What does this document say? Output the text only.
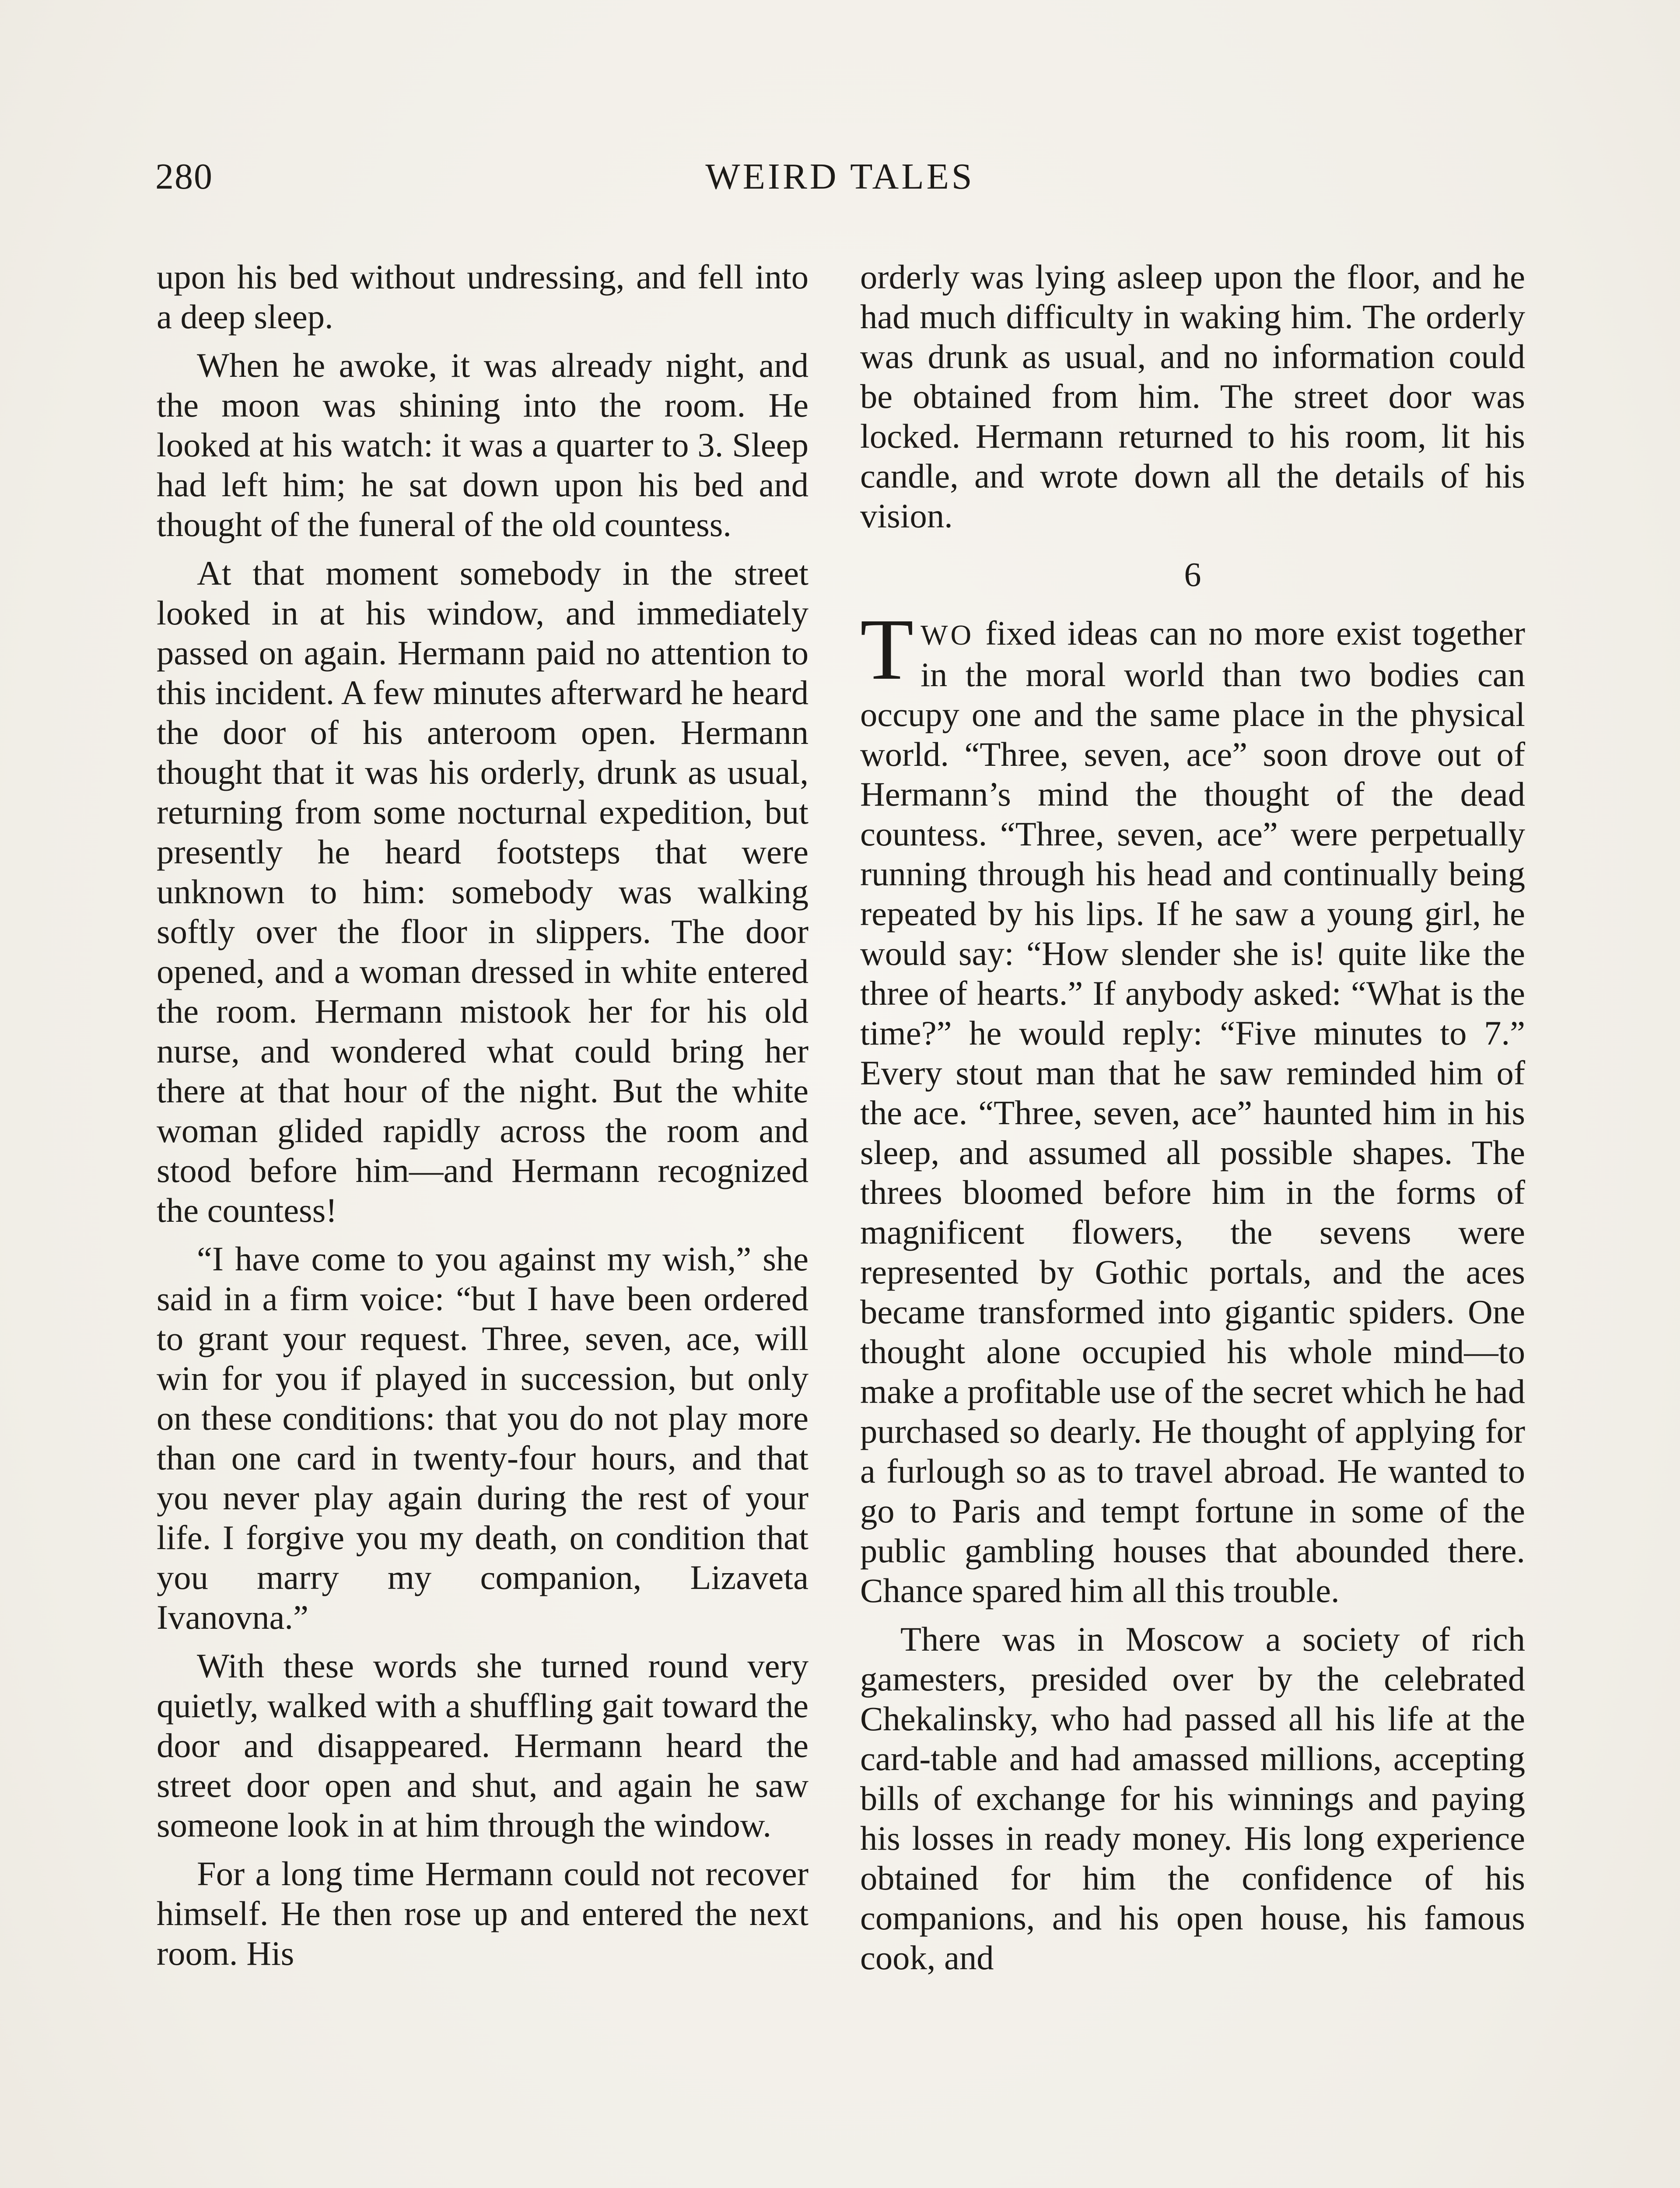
280	WEIRD TALES

upon his bed without undressing, and fell into a deep sleep.

When he awoke, it was already night, and the moon was shining into the room. He looked at his watch: it was a quarter to 3. Sleep had left him; he sat down upon his bed and thought of the funeral of the old countess.

At that moment somebody in the street looked in at his window, and immediately passed on again. Hermann paid no attention to this incident. A few minutes afterward he heard the door of his anteroom open. Hermann thought that it was his orderly, drunk as usual, returning from some nocturnal expedition, but presently he heard footsteps that were unknown to him: somebody was walking softly over the floor in slippers. The door opened, and a woman dressed in white entered the room. Hermann mistook her for his old nurse, and wondered what could bring her there at that hour of the night. But the white woman glided rapidly across the room and stood before him—and Hermann recognized the countess!

“I have come to you against my wish,” she said in a firm voice: “but I have been ordered to grant your request. Three, seven, ace, will win for you if played in succession, but only on these conditions: that you do not play more than one card in twenty-four hours, and that you never play again during the rest of your life. I forgive you my death, on condition that you marry my companion, Lizaveta Ivanovna.”

With these words she turned round very quietly, walked with a shuffling gait toward the door and disappeared. Hermann heard the street door open and shut, and again he saw someone look in at him through the window.

For a long time Hermann could not recover himself. He then rose up and entered the next room. His

orderly was lying asleep upon the floor, and he had much difficulty in waking him. The orderly was drunk as usual, and no information could be obtained from him. The street door was locked. Hermann returned to his room, lit his candle, and wrote down all the details of his vision.

6

TWO fixed ideas can no more exist together in the moral world than two bodies can occupy one and the same place in the physical world. “Three, seven, ace” soon drove out of Hermann’s mind the thought of the dead countess. “Three, seven, ace” were perpetually running through his head and continually being repeated by his lips. If he saw a young girl, he would say: “How slender she is! quite like the three of hearts.” If anybody asked: “What is the time?” he would reply: “Five minutes to 7.” Every stout man that he saw reminded him of the ace. “Three, seven, ace” haunted him in his sleep, and assumed all possible shapes. The threes bloomed before him in the forms of magnificent flowers, the sevens were represented by Gothic portals, and the aces became transformed into gigantic spiders. One thought alone occupied his whole mind—to make a profitable use of the secret which he had purchased so dearly. He thought of applying for a furlough so as to travel abroad. He wanted to go to Paris and tempt fortune in some of the public gambling houses that abounded there. Chance spared him all this trouble.

There was in Moscow a society of rich gamesters, presided over by the celebrated Chekalinsky, who had passed all his life at the card-table and had amassed millions, accepting bills of exchange for his winnings and paying his losses in ready money. His long experience obtained for him the confidence of his companions, and his open house, his famous cook, and
